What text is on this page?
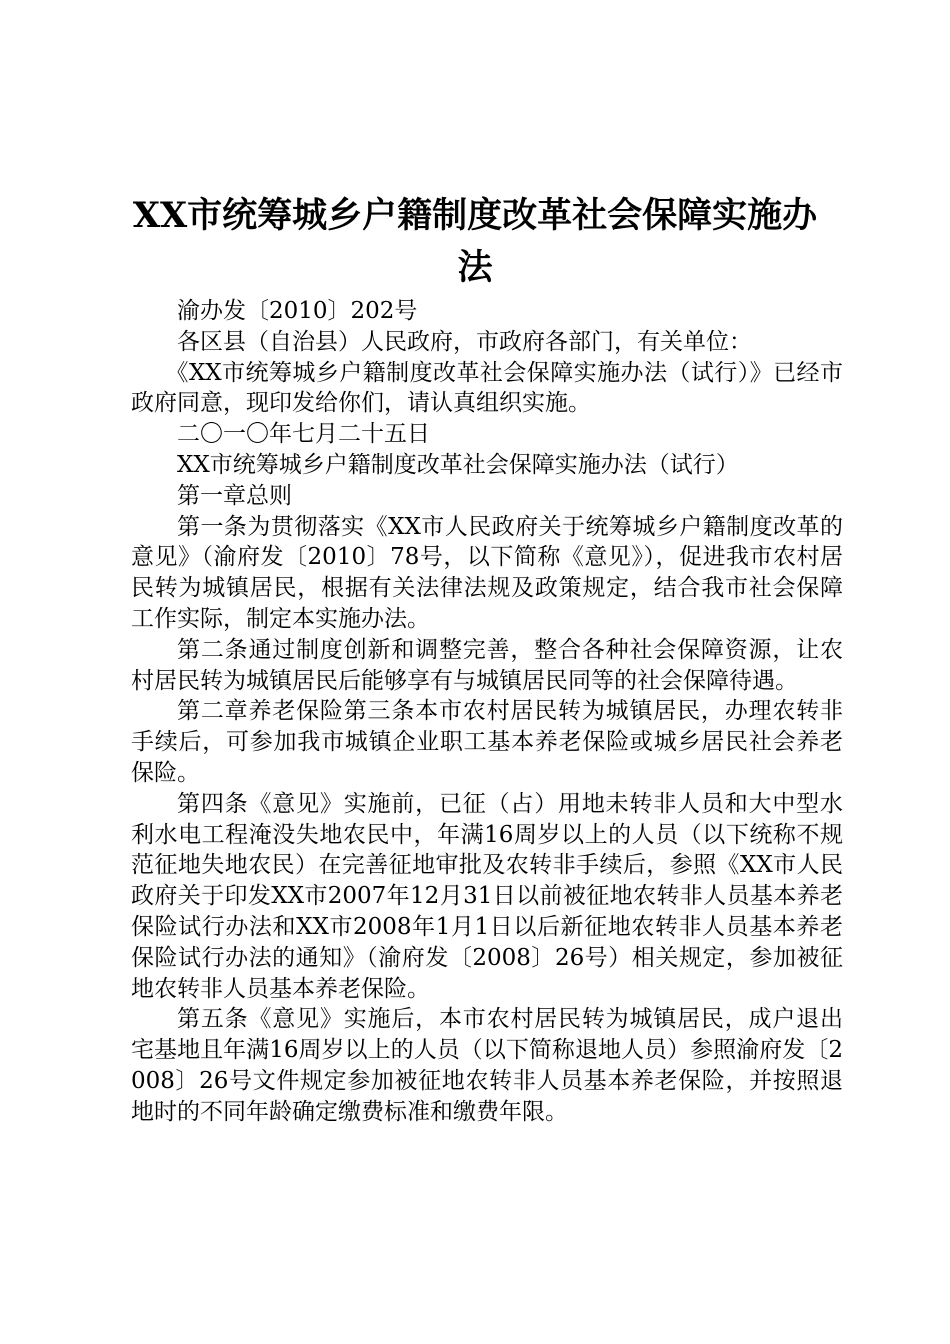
XX市统筹城乡户籍制度改革社会保障实施办法

渝办发〔2010〕202号

各区县（自治县）人民政府，市政府各部门，有关单位：

《XX市统筹城乡户籍制度改革社会保障实施办法（试行）》已经市政府同意，现印发给你们，请认真组织实施。

二〇一〇年七月二十五日

XX市统筹城乡户籍制度改革社会保障实施办法（试行）

第一章总则

第一条为贯彻落实《XX市人民政府关于统筹城乡户籍制度改革的意见》（渝府发〔2010〕78号，以下简称《意见》），促进我市农村居民转为城镇居民，根据有关法律法规及政策规定，结合我市社会保障工作实际，制定本实施办法。

第二条通过制度创新和调整完善，整合各种社会保障资源，让农村居民转为城镇居民后能够享有与城镇居民同等的社会保障待遇。

第二章养老保险第三条本市农村居民转为城镇居民，办理农转非手续后，可参加我市城镇企业职工基本养老保险或城乡居民社会养老保险。

第四条《意见》实施前，已征（占）用地未转非人员和大中型水利水电工程淹没失地农民中，年满16周岁以上的人员（以下统称不规范征地失地农民）在完善征地审批及农转非手续后，参照《XX市人民政府关于印发XX市2007年12月31日以前被征地农转非人员基本养老保险试行办法和XX市2008年1月1日以后新征地农转非人员基本养老保险试行办法的通知》（渝府发〔2008〕26号）相关规定，参加被征地农转非人员基本养老保险。

第五条《意见》实施后，本市农村居民转为城镇居民，成户退出宅基地且年满16周岁以上的人员（以下简称退地人员）参照渝府发〔2008〕26号文件规定参加被征地农转非人员基本养老保险，并按照退地时的不同年龄确定缴费标准和缴费年限。
